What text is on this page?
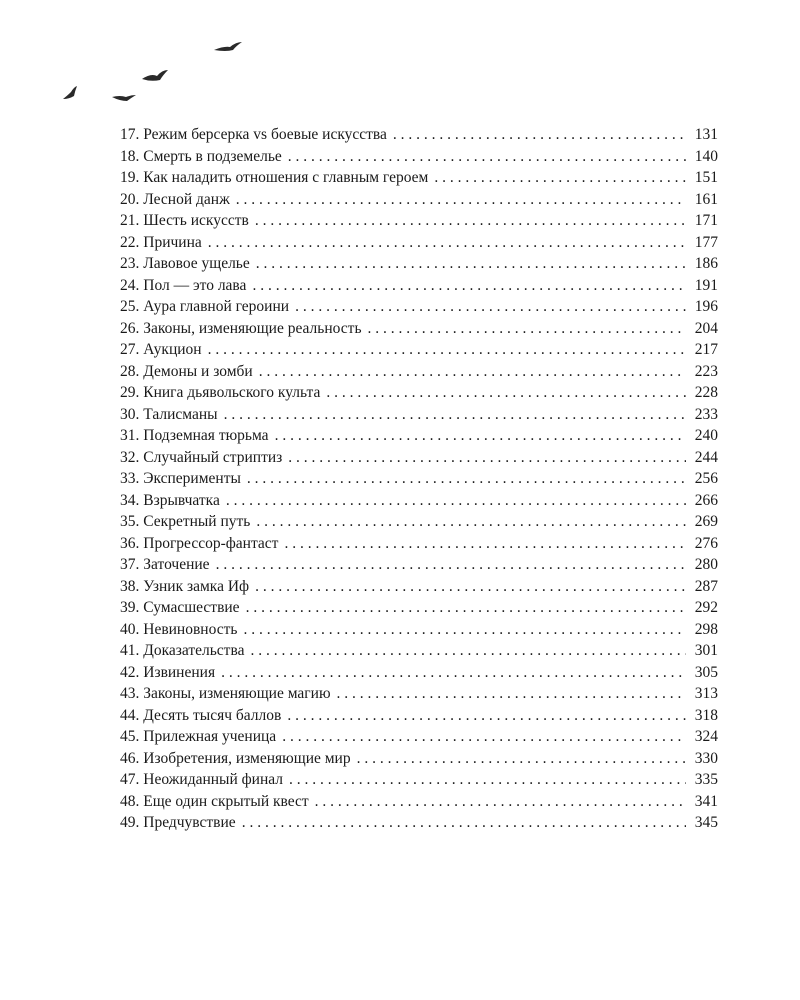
17. Режим берсерка vs боевые искусства . . .	131
18. Смерть в подземелье . . .	140
19. Как наладить отношения с главным героем . . .	151
20. Лесной данж . . .	161
21. Шесть искусств . . .	171
22. Причина . . .	177
23. Лавовое ущелье . . .	186
24. Пол — это лава . . .	191
25. Аура главной героини . . .	196
26. Законы, изменяющие реальность . . .	204
27. Аукцион . . .	217
28. Демоны и зомби . . .	223
29. Книга дьявольского культа . . .	228
30. Талисманы . . .	233
31. Подземная тюрьма . . .	240
32. Случайный стриптиз . . .	244
33. Эксперименты . . .	256
34. Взрывчатка . . .	266
35. Секретный путь . . .	269
36. Прогрессор-фантаст . . .	276
37. Заточение . . .	280
38. Узник замка Иф . . .	287
39. Сумасшествие . . .	292
40. Невиновность . . .	298
41. Доказательства . . .	301
42. Извинения . . .	305
43. Законы, изменяющие магию . . .	313
44. Десять тысяч баллов . . .	318
45. Прилежная ученица . . .	324
46. Изобретения, изменяющие мир . . .	330
47. Неожиданный финал . . .	335
48. Еще один скрытый квест . . .	341
49. Предчувствие . . .	345
